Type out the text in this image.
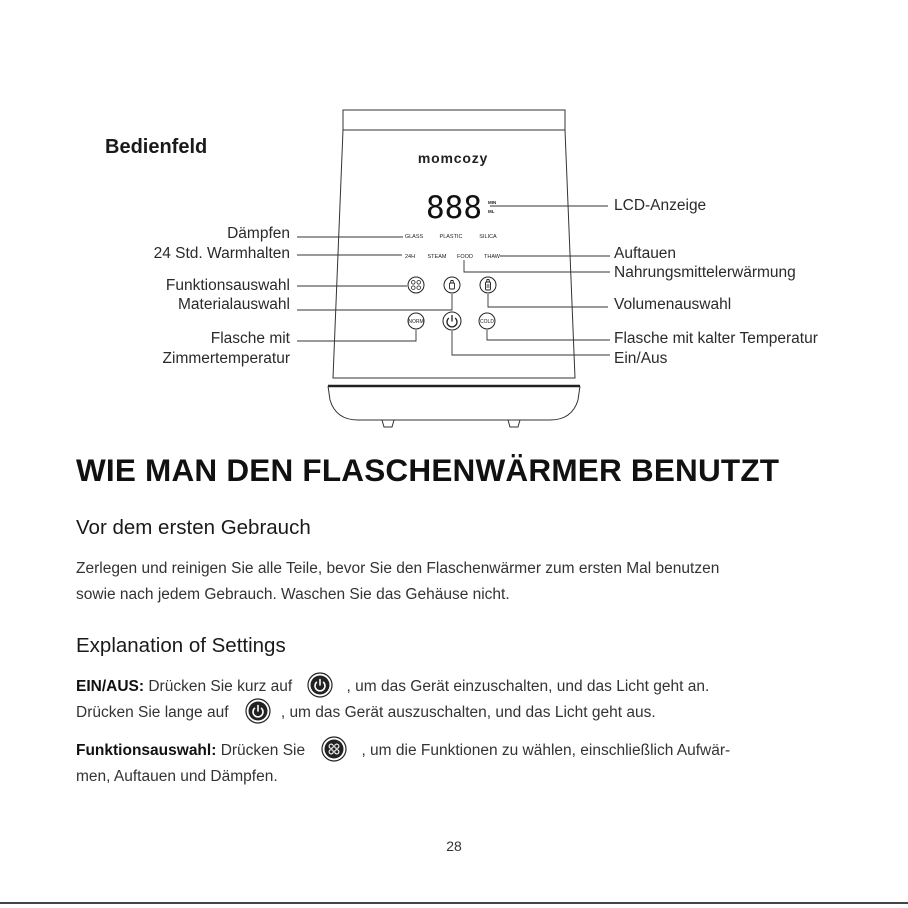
momcozy
888 MIN
ML
GLASS	PLASTIC	SILICA
24H STEAM FOOD THAW
NORM	COLD
Bedienfeld
Dämpfen
24 Std. Warmhalten
Funktionsauswahl
Materialauswahl
Flasche mit
Zimmertemperatur
LCD-Anzeige
Auftauen
Nahrungsmittelerwärmung
Volumenauswahl
Flasche mit kalter Temperatur
Ein/Aus
WIE MAN DEN FLASCHENWÄRMER BENUTZT
Vor dem ersten Gebrauch
Zerlegen und reinigen Sie alle Teile, bevor Sie den Flaschenwärmer zum ersten Mal benutzen
sowie nach jedem Gebrauch. Waschen Sie das Gehäuse nicht.
Explanation of Settings
EIN/AUS: Drücken Sie kurz auf	, um das Gerät einzuschalten, und das Licht geht an.
Drücken Sie lange auf	, um das Gerät auszuschalten, und das Licht geht aus.
Funktionsauswahl: Drücken Sie	, um die Funktionen zu wählen, einschließlich Aufwär-
men, Auftauen und Dämpfen.
28
